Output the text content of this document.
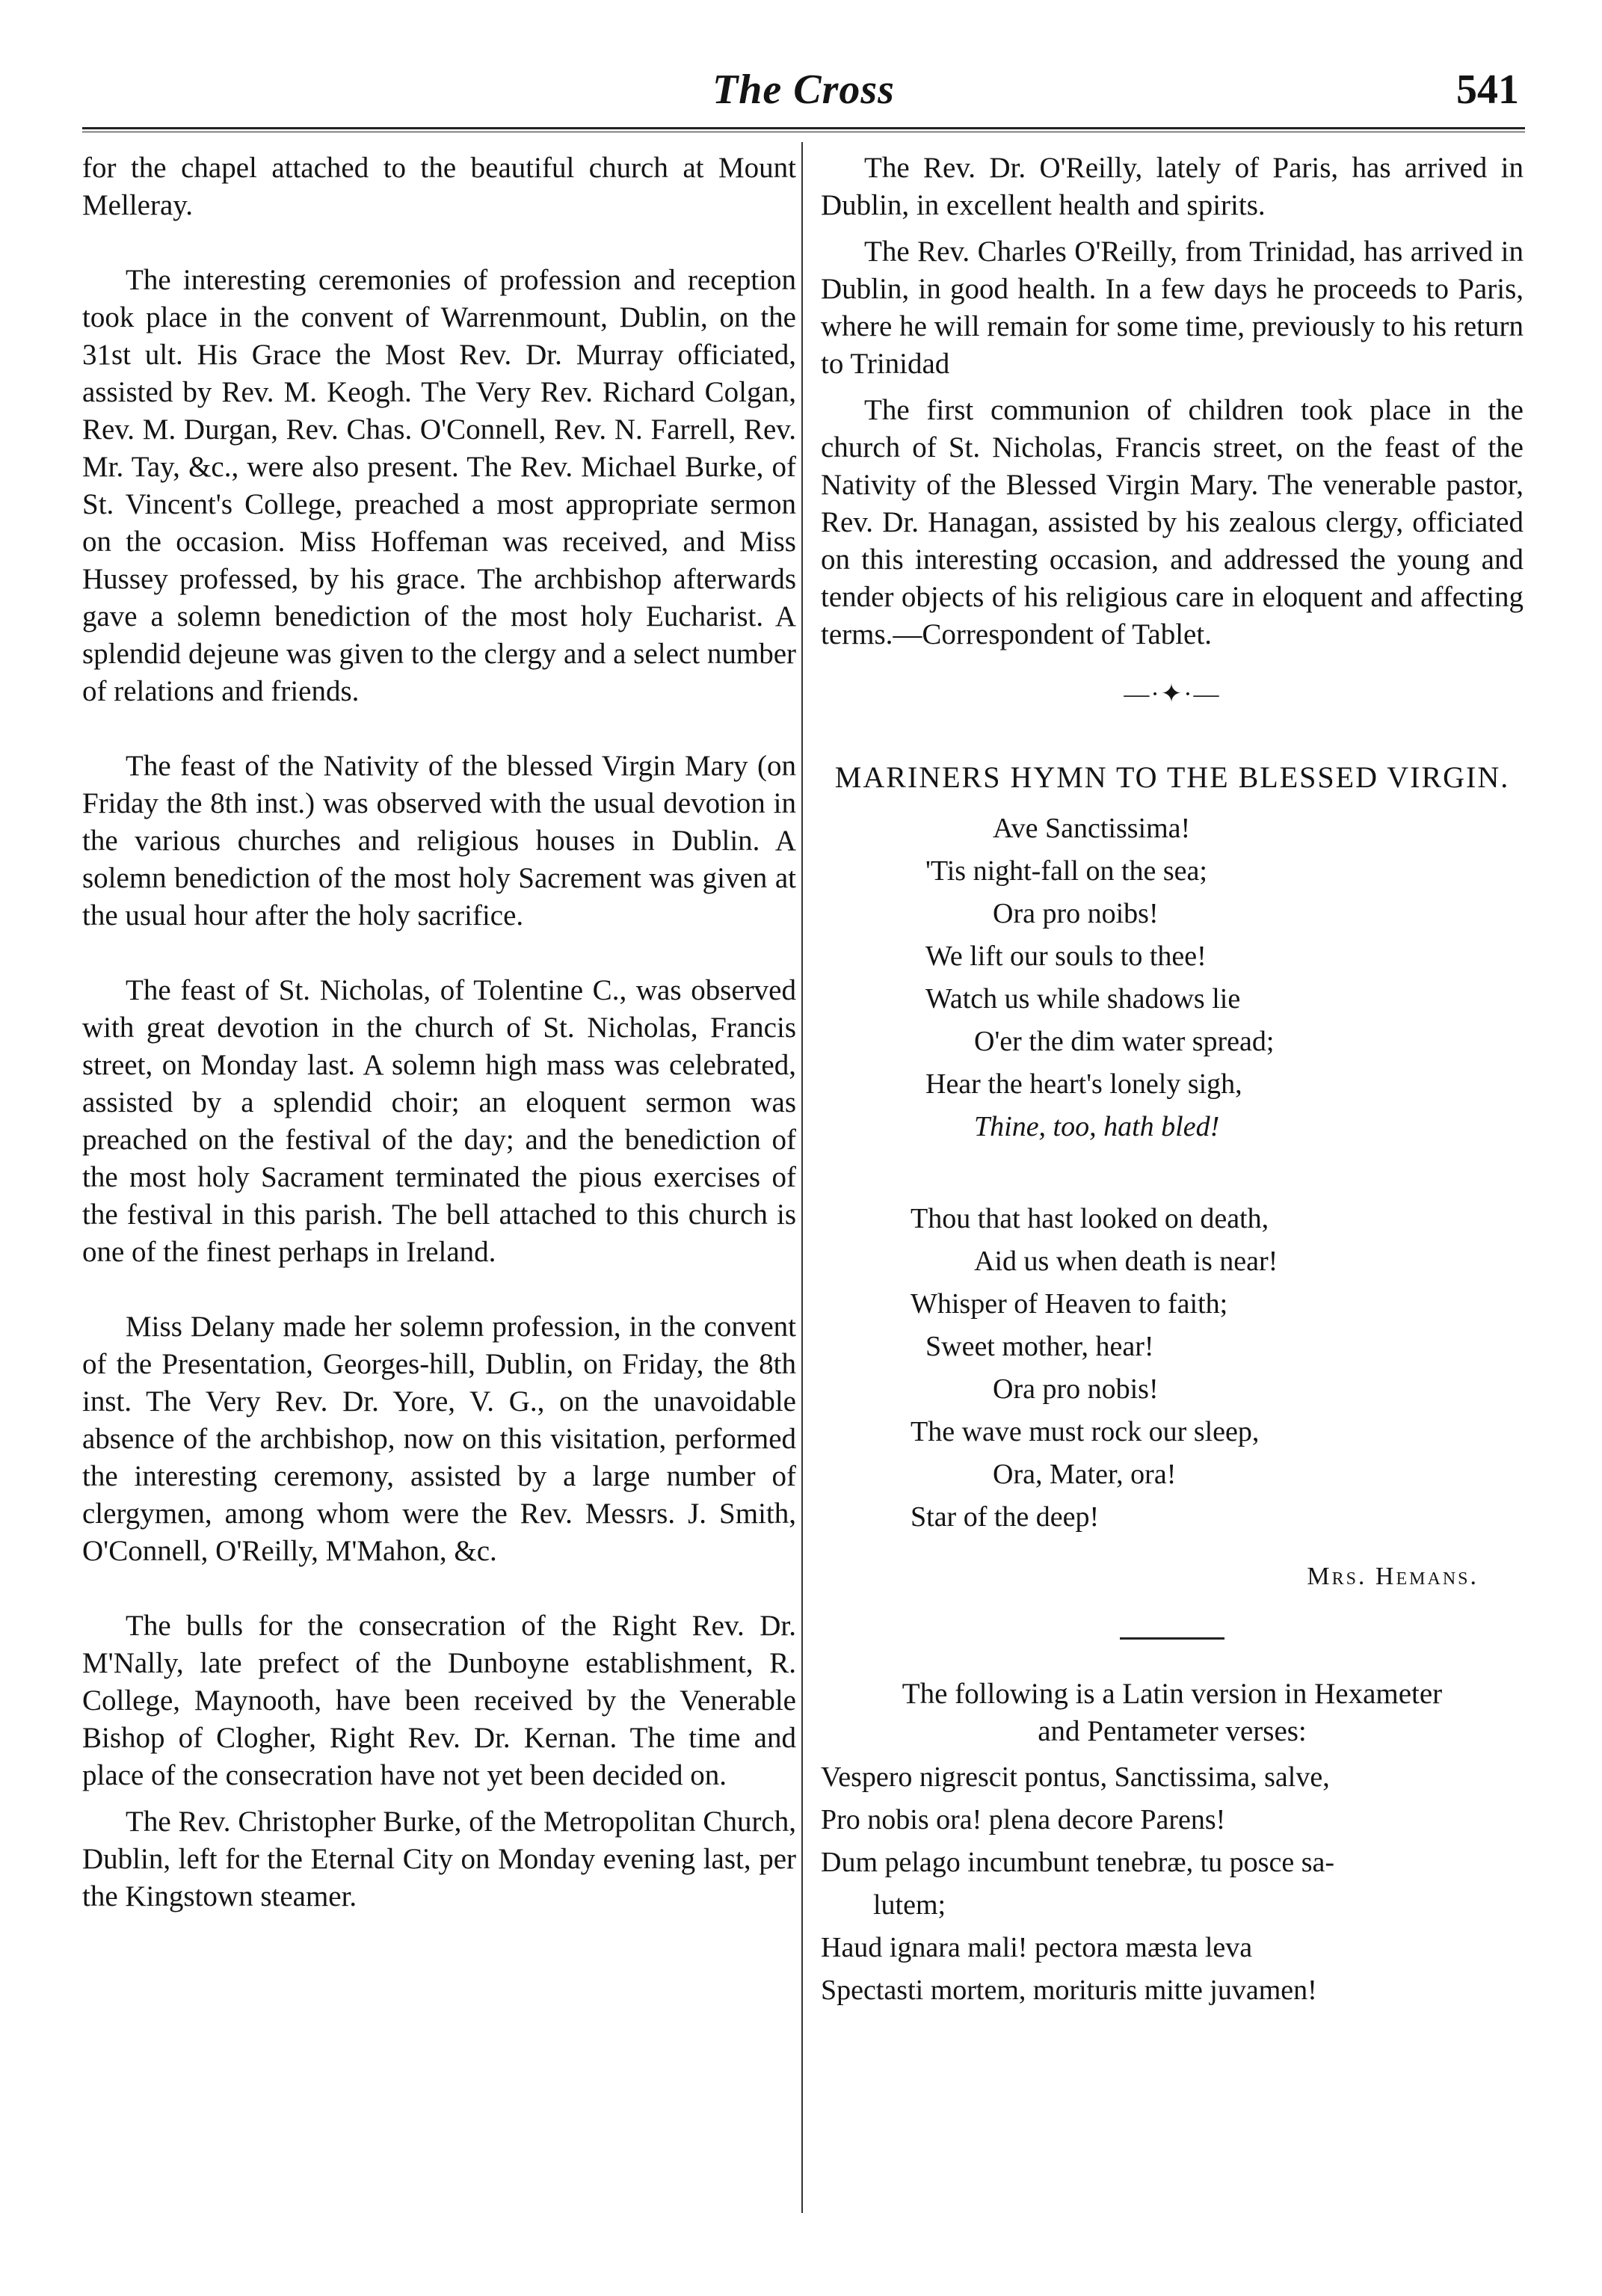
The Cross	541

for the chapel attached to the beautiful church at Mount Melleray.

The interesting ceremonies of profession and reception took place in the convent of Warrenmount, Dublin, on the 31st ult. His Grace the Most Rev. Dr. Murray officiated, assisted by Rev. M. Keogh. The Very Rev. Richard Colgan, Rev. M. Durgan, Rev. Chas. O'Connell, Rev. N. Farrell, Rev. Mr. Tay, &c., were also present. The Rev. Michael Burke, of St. Vincent's College, preached a most appropriate sermon on the occasion. Miss Hoffeman was received, and Miss Hussey professed, by his grace. The archbishop afterwards gave a solemn benediction of the most holy Eucharist. A splendid dejeune was given to the clergy and a select number of relations and friends.

The feast of the Nativity of the blessed Virgin Mary (on Friday the 8th inst.) was observed with the usual devotion in the various churches and religious houses in Dublin. A solemn benediction of the most holy Sacrement was given at the usual hour after the holy sacrifice.

The feast of St. Nicholas, of Tolentine C., was observed with great devotion in the church of St. Nicholas, Francis street, on Monday last. A solemn high mass was celebrated, assisted by a splendid choir; an eloquent sermon was preached on the festival of the day; and the benediction of the most holy Sacrament terminated the pious exercises of the festival in this parish. The bell attached to this church is one of the finest perhaps in Ireland.

Miss Delany made her solemn profession, in the convent of the Presentation, Georges-hill, Dublin, on Friday, the 8th inst. The Very Rev. Dr. Yore, V. G., on the unavoidable absence of the archbishop, now on this visitation, performed the interesting ceremony, assisted by a large number of clergymen, among whom were the Rev. Messrs. J. Smith, O'Connell, O'Reilly, M'Mahon, &c.

The bulls for the consecration of the Right Rev. Dr. M'Nally, late prefect of the Dunboyne establishment, R. College, Maynooth, have been received by the Venerable Bishop of Clogher, Right Rev. Dr. Kernan. The time and place of the consecration have not yet been decided on.

The Rev. Christopher Burke, of the Metropolitan Church, Dublin, left for the Eternal City on Monday evening last, per the Kingstown steamer.

The Rev. Dr. O'Reilly, lately of Paris, has arrived in Dublin, in excellent health and spirits.

The Rev. Charles O'Reilly, from Trinidad, has arrived in Dublin, in good health. In a few days he proceeds to Paris, where he will remain for some time, previously to his return to Trinidad

The first communion of children took place in the church of St. Nicholas, Francis street, on the feast of the Nativity of the Blessed Virgin Mary. The venerable pastor, Rev. Dr. Hanagan, assisted by his zealous clergy, officiated on this interesting occasion, and addressed the young and tender objects of his religious care in eloquent and affecting terms.—Correspondent of Tablet.

—·✦·—
MARINERS HYMN TO THE BLESSED VIRGIN.
Ave Sanctissima!
'Tis night-fall on the sea;
Ora pro noibs!
We lift our souls to thee!
Watch us while shadows lie
O'er the dim water spread;
Hear the heart's lonely sigh,
Thine, too, hath bled!
Thou that hast looked on death,
Aid us when death is near!
Whisper of Heaven to faith;
Sweet mother, hear!
Ora pro nobis!
The wave must rock our sleep,
Ora, Mater, ora!
Star of the deep!
Mrs. Hemans.

The following is a Latin version in Hexameter

and Pentameter verses:

Vespero nigrescit pontus, Sanctissima, salve,
Pro nobis ora! plena decore Parens!
Dum pelago incumbunt tenebræ, tu posce sa-
lutem;
Haud ignara mali! pectora mæsta leva
Spectasti mortem, morituris mitte juvamen!
